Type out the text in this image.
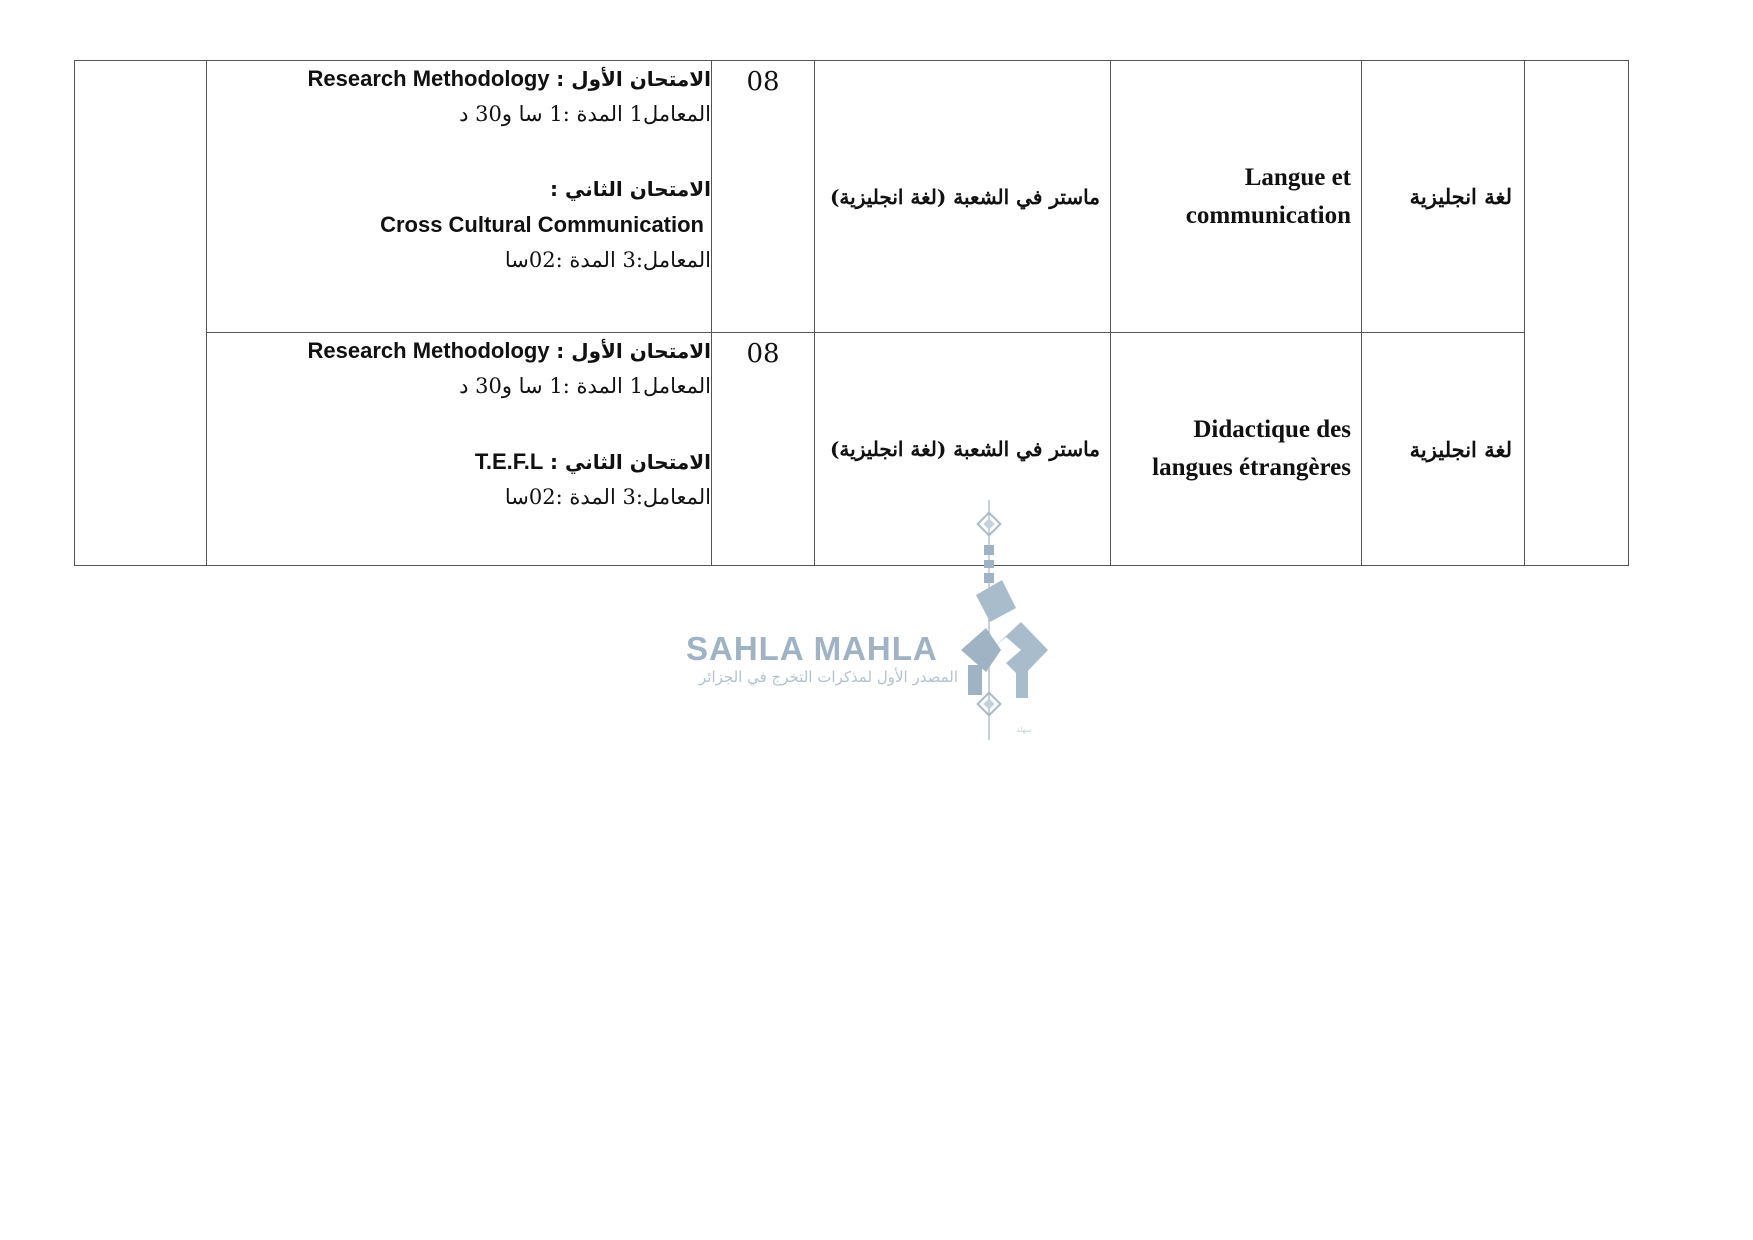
	الامتحان الأول : Research Methodology
المعامل1 المدة :1 سا و30 د
الامتحان الثاني :
Cross Cultural Communication
المعامل:3 المدة :02سا	08	ماستر في الشعبة (لغة انجليزية)	Langue et communication	لغة انجليزية	

	الامتحان الأول : Research Methodology
المعامل1 المدة :1 سا و30 د
الامتحان الثاني : T.E.F.L
المعامل:3 المدة :02سا	08	ماستر في الشعبة (لغة انجليزية)	Didactique des langues étrangères	لغة انجليزية	
SAHLA MAHLA
المصدر الأول لمذكرات التخرج في الجزائر
سهلة
